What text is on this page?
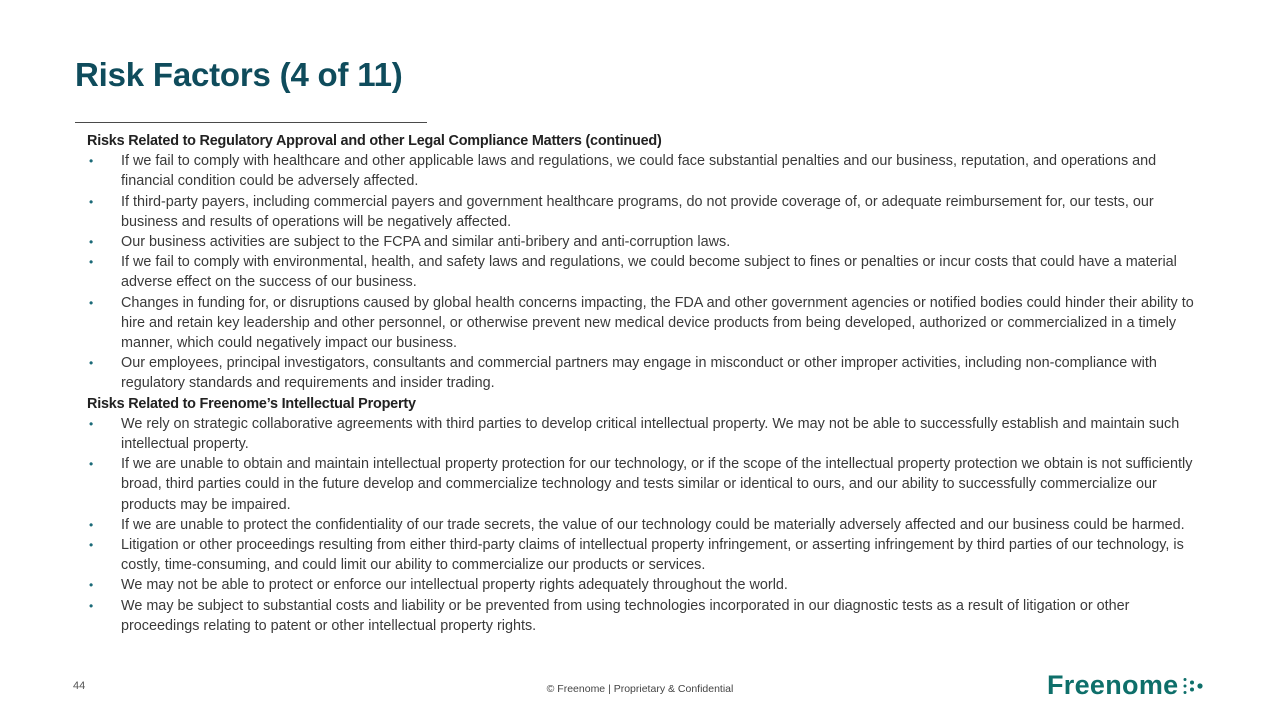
Risk Factors (4 of 11)
Risks Related to Regulatory Approval and other Legal Compliance Matters (continued)
• If we fail to comply with healthcare and other applicable laws and regulations, we could face substantial penalties and our business, reputation, and operations and financial condition could be adversely affected.
• If third-party payers, including commercial payers and government healthcare programs, do not provide coverage of, or adequate reimbursement for, our tests, our business and results of operations will be negatively affected.
• Our business activities are subject to the FCPA and similar anti-bribery and anti-corruption laws.
• If we fail to comply with environmental, health, and safety laws and regulations, we could become subject to fines or penalties or incur costs that could have a material adverse effect on the success of our business.
• Changes in funding for, or disruptions caused by global health concerns impacting, the FDA and other government agencies or notified bodies could hinder their ability to hire and retain key leadership and other personnel, or otherwise prevent new medical device products from being developed, authorized or commercialized in a timely manner, which could negatively impact our business.
• Our employees, principal investigators, consultants and commercial partners may engage in misconduct or other improper activities, including non-compliance with regulatory standards and requirements and insider trading.
Risks Related to Freenome’s Intellectual Property
• We rely on strategic collaborative agreements with third parties to develop critical intellectual property. We may not be able to successfully establish and maintain such intellectual property.
• If we are unable to obtain and maintain intellectual property protection for our technology, or if the scope of the intellectual property protection we obtain is not sufficiently broad, third parties could in the future develop and commercialize technology and tests similar or identical to ours, and our ability to successfully commercialize our products may be impaired.
• If we are unable to protect the confidentiality of our trade secrets, the value of our technology could be materially adversely affected and our business could be harmed.
• Litigation or other proceedings resulting from either third-party claims of intellectual property infringement, or asserting infringement by third parties of our technology, is costly, time-consuming, and could limit our ability to commercialize our products or services.
• We may not be able to protect or enforce our intellectual property rights adequately throughout the world.
• We may be subject to substantial costs and liability or be prevented from using technologies incorporated in our diagnostic tests as a result of litigation or other proceedings relating to patent or other intellectual property rights.
44	© Freenome | Proprietary & Confidential	Freenome
